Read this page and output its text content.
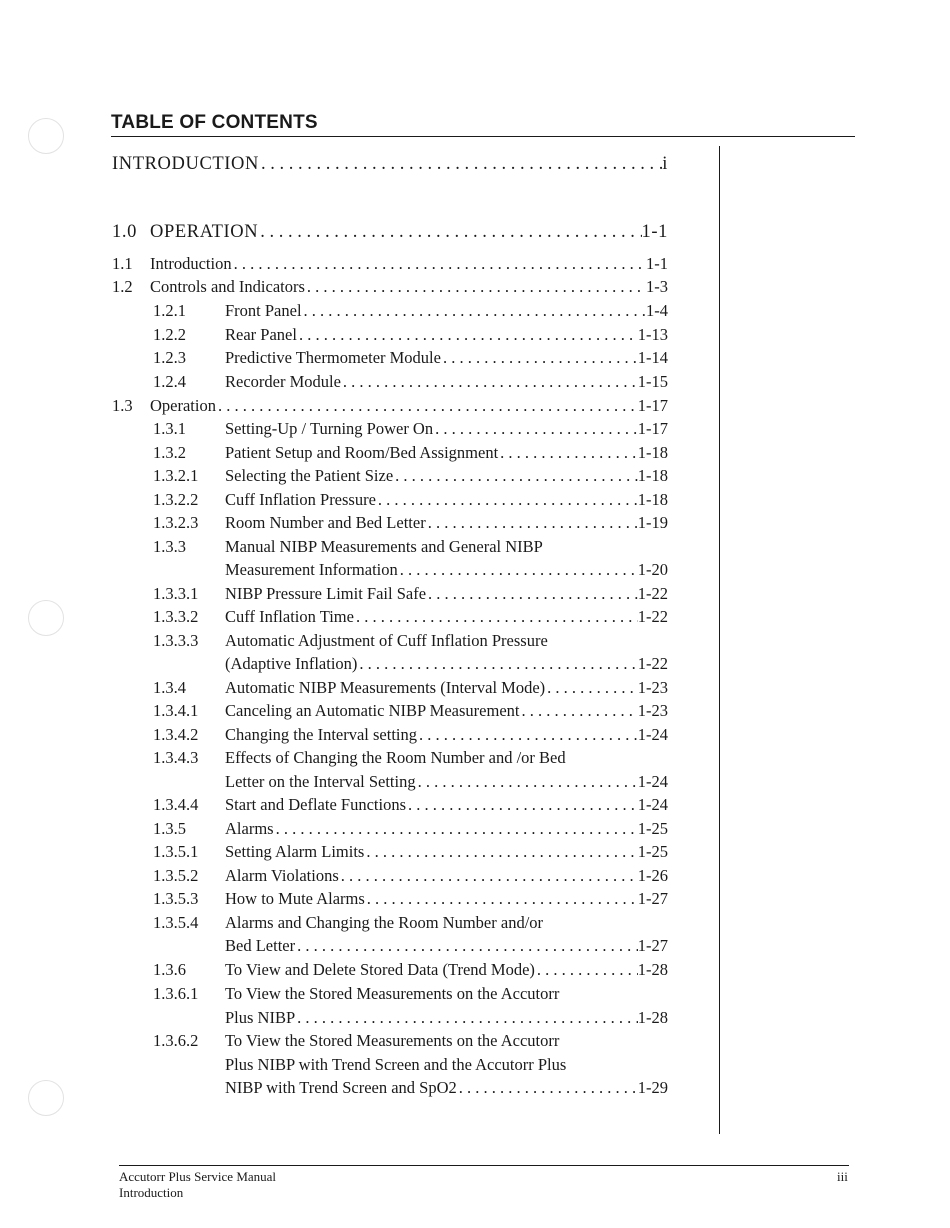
TABLE OF CONTENTS
INTRODUCTION . . .	i
1.0 OPERATION . . .	1-1
1.1 Introduction . . .	1-1
1.2 Controls and Indicators . . .	1-3
1.2.1 Front Panel . . .	1-4
1.2.2 Rear Panel . . .	1-13
1.2.3 Predictive Thermometer Module . . .	1-14
1.2.4 Recorder Module . . .	1-15
1.3 Operation . . .	1-17
1.3.1 Setting-Up / Turning Power On . . .	1-17
1.3.2 Patient Setup and Room/Bed Assignment . . .	1-18
1.3.2.1 Selecting the Patient Size . . .	1-18
1.3.2.2 Cuff Inflation Pressure . . .	1-18
1.3.2.3 Room Number and Bed Letter . . .	1-19
1.3.3 Manual NIBP Measurements and General NIBP
Measurement Information . . .	1-20
1.3.3.1 NIBP Pressure Limit Fail Safe . . .	1-22
1.3.3.2 Cuff Inflation Time . . .	1-22
1.3.3.3 Automatic Adjustment of Cuff Inflation Pressure
(Adaptive Inflation) . . .	1-22
1.3.4 Automatic NIBP Measurements (Interval Mode) . . .	1-23
1.3.4.1 Canceling an Automatic NIBP Measurement . . .	1-23
1.3.4.2 Changing the Interval setting . . .	1-24
1.3.4.3 Effects of Changing the Room Number and /or Bed
Letter on the Interval Setting . . .	1-24
1.3.4.4 Start and Deflate Functions . . .	1-24
1.3.5 Alarms . . .	1-25
1.3.5.1 Setting Alarm Limits . . .	1-25
1.3.5.2 Alarm Violations . . .	1-26
1.3.5.3 How to Mute Alarms . . .	1-27
1.3.5.4 Alarms and Changing the Room Number and/or
Bed Letter . . .	1-27
1.3.6 To View and Delete Stored Data (Trend Mode) . . .	1-28
1.3.6.1 To View the Stored Measurements on the Accutorr
Plus NIBP . . .	1-28
1.3.6.2 To View the Stored Measurements on the Accutorr
Plus NIBP with Trend Screen and the Accutorr Plus
NIBP with Trend Screen and SpO2 . . .	1-29
Accutorr Plus Service Manual
Introduction
iii
